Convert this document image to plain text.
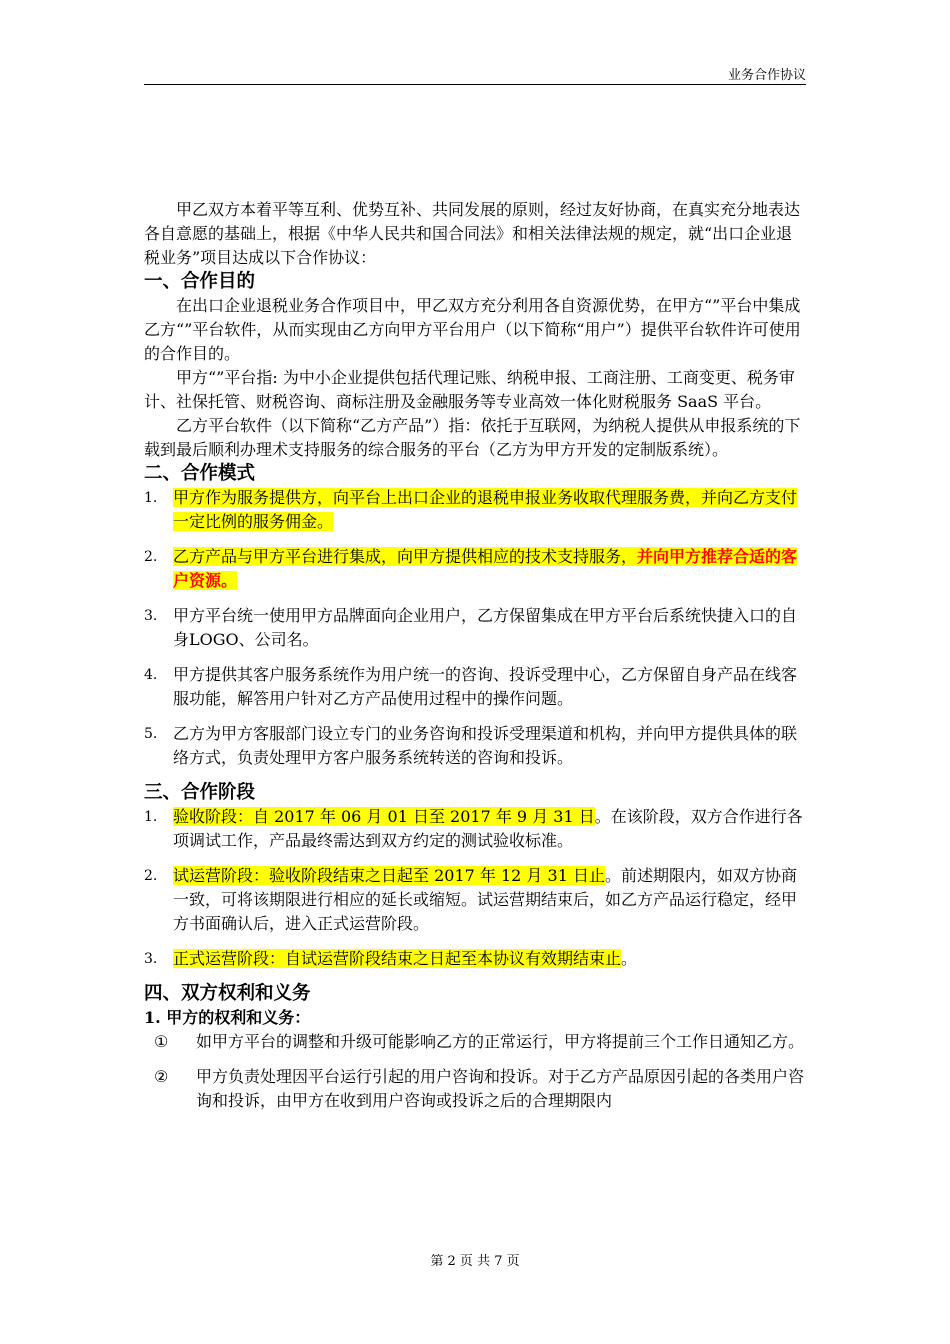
业务合作协议

甲乙双方本着平等互利、优势互补、共同发展的原则，经过友好协商，在真实充分地表达各自意愿的基础上，根据《中华人民共和国合同法》和相关法律法规的规定，就“出口企业退税业务”项目达成以下合作协议：

一、合作目的

在出口企业退税业务合作项目中，甲乙双方充分利用各自资源优势，在甲方“”平台中集成乙方“”平台软件，从而实现由乙方向甲方平台用户（以下简称“用户”）提供平台软件许可使用的合作目的。

甲方“”平台指: 为中小企业提供包括代理记账、纳税申报、工商注册、工商变更、税务审计、社保托管、财税咨询、商标注册及金融服务等专业高效一体化财税服务 SaaS 平台。

乙方平台软件（以下简称“乙方产品”）指：依托于互联网，为纳税人提供从申报系统的下载到最后顺利办理术支持服务的综合服务的平台（乙方为甲方开发的定制版系统）。

二、合作模式

1. 甲方作为服务提供方，向平台上出口企业的退税申报业务收取代理服务费，并向乙方支付一定比例的服务佣金。
2. 乙方产品与甲方平台进行集成，向甲方提供相应的技术支持服务，并向甲方推荐合适的客户资源。
3. 甲方平台统一使用甲方品牌面向企业用户，乙方保留集成在甲方平台后系统快捷入口的自身LOGO、公司名。
4. 甲方提供其客户服务系统作为用户统一的咨询、投诉受理中心，乙方保留自身产品在线客服功能，解答用户针对乙方产品使用过程中的操作问题。
5. 乙方为甲方客服部门设立专门的业务咨询和投诉受理渠道和机构，并向甲方提供具体的联络方式，负责处理甲方客户服务系统转送的咨询和投诉。

三、合作阶段

1. 验收阶段：自 2017 年 06 月 01 日至 2017 年 9 月 31 日。在该阶段，双方合作进行各项调试工作，产品最终需达到双方约定的测试验收标准。
2. 试运营阶段：验收阶段结束之日起至 2017 年 12 月 31 日止。前述期限内，如双方协商一致，可将该期限进行相应的延长或缩短。试运营期结束后，如乙方产品运行稳定，经甲方书面确认后，进入正式运营阶段。
3. 正式运营阶段：自试运营阶段结束之日起至本协议有效期结束止。

四、双方权利和义务

1. 甲方的权利和义务：

① 如甲方平台的调整和升级可能影响乙方的正常运行，甲方将提前三个工作日通知乙方。
② 甲方负责处理因平台运行引起的用户咨询和投诉。对于乙方产品原因引起的各类用户咨询和投诉，由甲方在收到用户咨询或投诉之后的合理期限内
第 2 页 共 7 页
